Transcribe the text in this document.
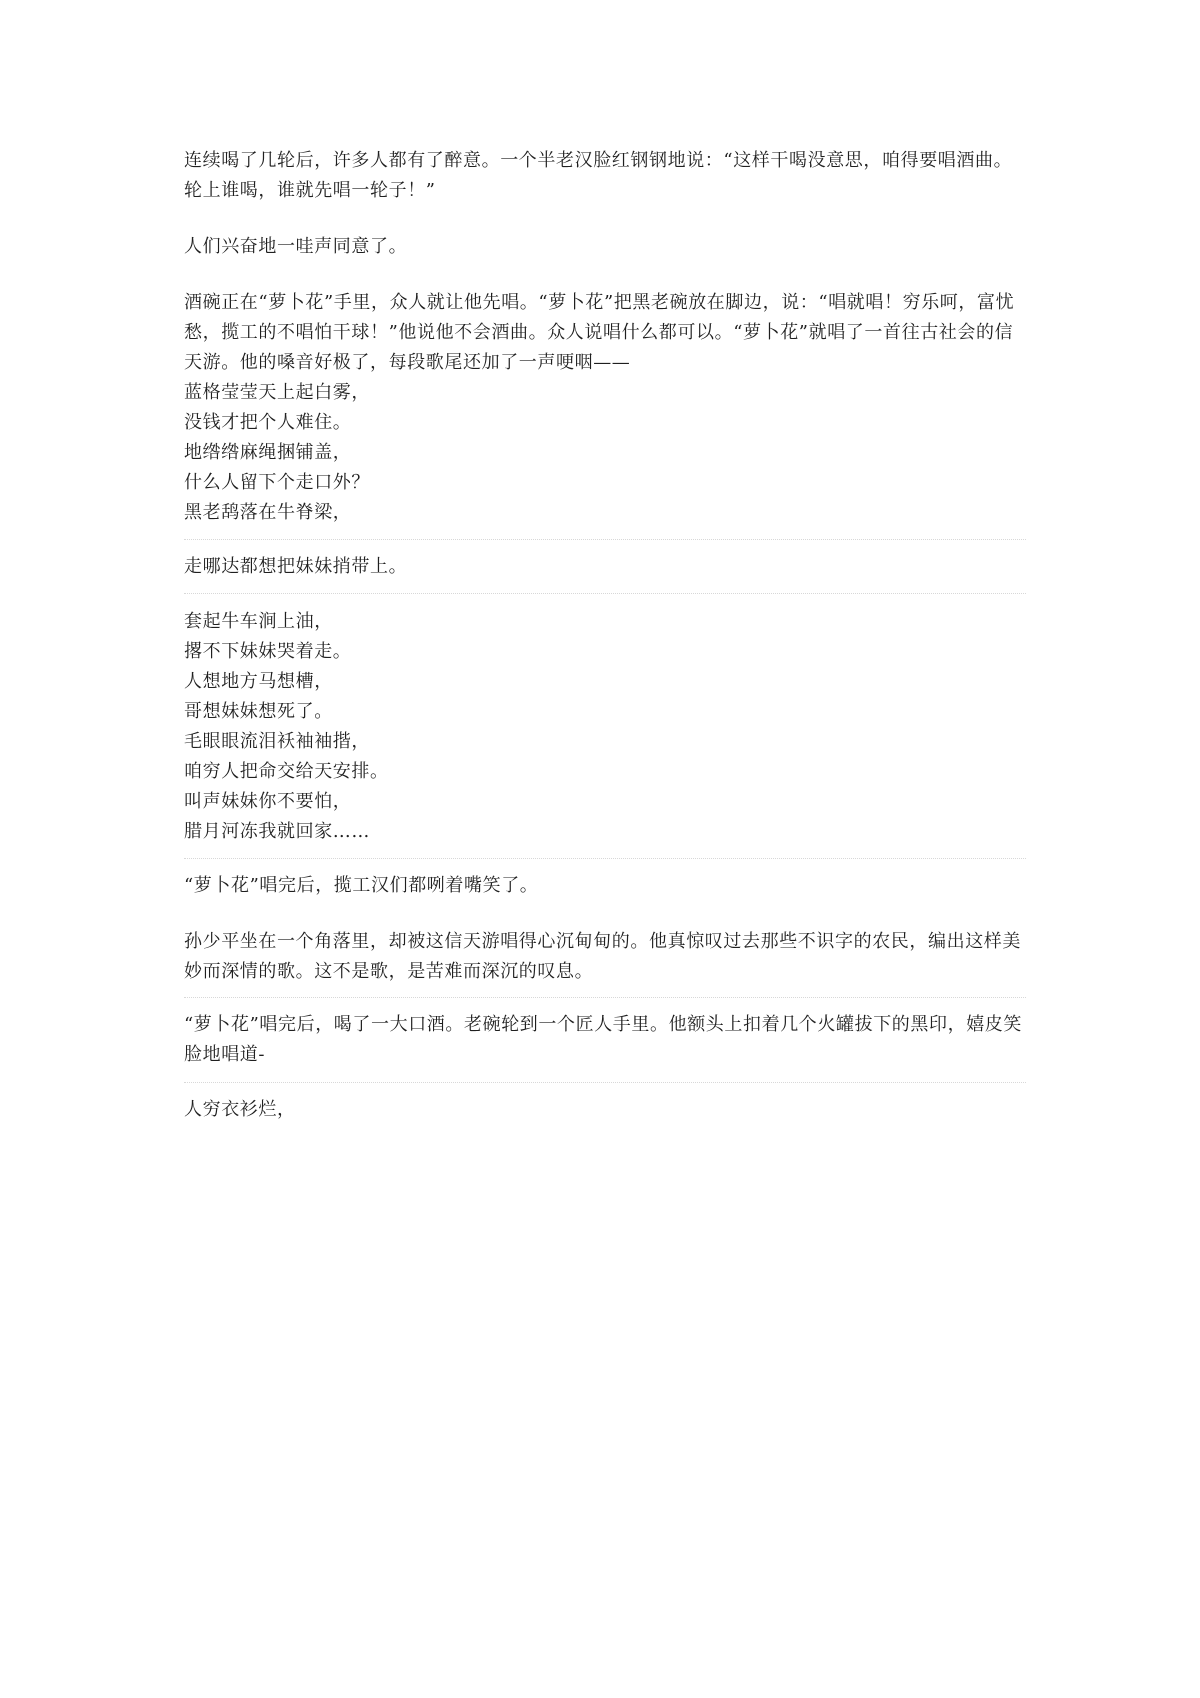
连续喝了几轮后，许多人都有了醉意。一个半老汉脸红钢钢地说：“这样干喝没意思，咱得要唱酒曲。轮上谁喝，谁就先唱一轮子！”

人们兴奋地一哇声同意了。

酒碗正在“萝卜花”手里，众人就让他先唱。“萝卜花”把黑老碗放在脚边，说：“唱就唱！穷乐呵，富忧愁，揽工的不唱怕干球！”他说他不会酒曲。众人说唱什么都可以。“萝卜花”就唱了一首往古社会的信天游。他的嗓音好极了，每段歌尾还加了一声哽咽——

蓝格莹莹天上起白雾，

没钱才把个人难住。

地绺绺麻绳捆铺盖，

什么人留下个走口外？

黑老鸹落在牛脊梁，

走哪达都想把妹妹捎带上。

套起牛车涧上油，

撂不下妹妹哭着走。

人想地方马想槽，

哥想妹妹想死了。

毛眼眼流泪袄袖袖揩，

咱穷人把命交给天安排。

叫声妹妹你不要怕，

腊月河冻我就回家……

“萝卜花”唱完后，揽工汉们都咧着嘴笑了。

孙少平坐在一个角落里，却被这信天游唱得心沉甸甸的。他真惊叹过去那些不识字的农民，编出这样美妙而深情的歌。这不是歌，是苦难而深沉的叹息。

“萝卜花”唱完后，喝了一大口酒。老碗轮到一个匠人手里。他额头上扣着几个火罐拔下的黑印，嬉皮笑脸地唱道-

人穷衣衫烂，
